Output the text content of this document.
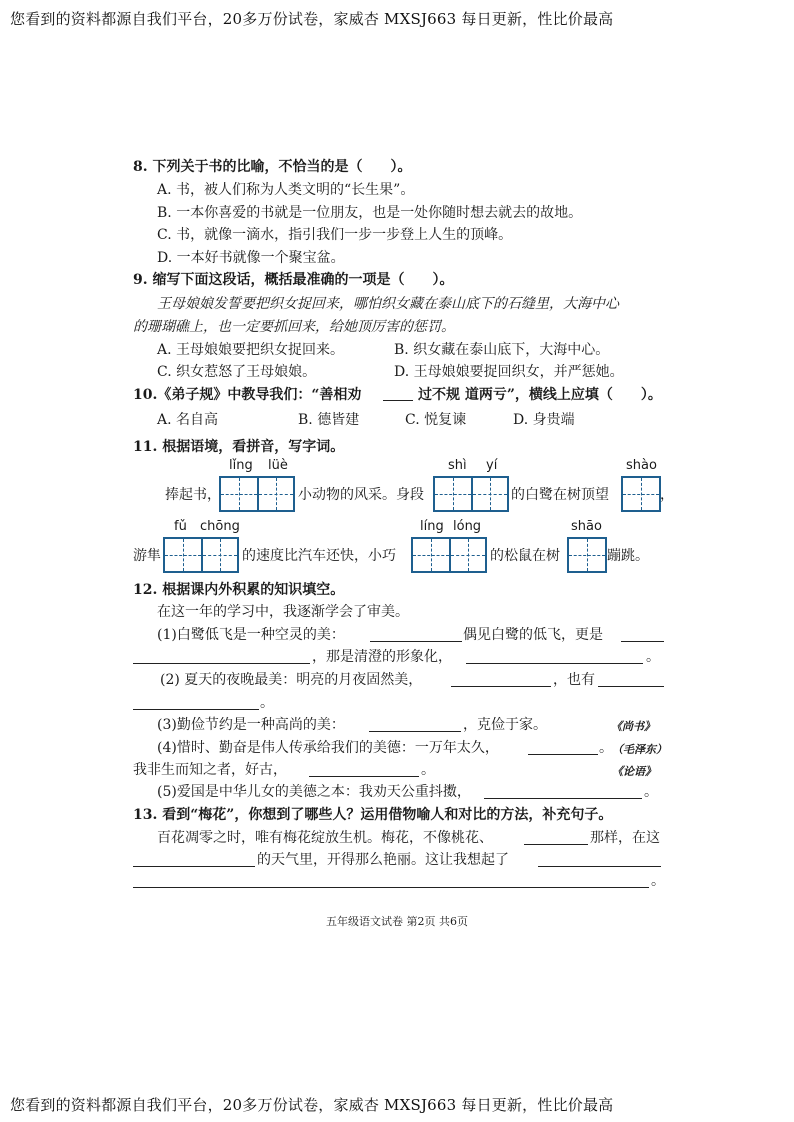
您看到的资料都源自我们平台，20多万份试卷，家威杏 MXSJ663 每日更新，性比价最高
8. 下列关于书的比喻，不恰当的是（　　）。
A. 书，被人们称为人类文明的“长生果”。
B. 一本你喜爱的书就是一位朋友，也是一处你随时想去就去的故地。
C. 书，就像一滴水，指引我们一步一步登上人生的顶峰。
D. 一本好书就像一个聚宝盆。
9. 缩写下面这段话，概括最准确的一项是（　　）。
王母娘娘发誓要把织女捉回来，哪怕织女藏在泰山底下的石缝里，大海中心
的珊瑚礁上，也一定要抓回来，给她顶厉害的惩罚。
A. 王母娘娘要把织女捉回来。	B. 织女藏在泰山底下，大海中心。
C. 织女惹怒了王母娘娘。	D. 王母娘娘要捉回织女，并严惩她。
10.《弟子规》中教导我们：“善相劝	过不规 道两亏”，横线上应填（　　）。
A. 名自高	B. 德皆建	C. 悦复谏	D. 身贵端
11. 根据语境，看拼音，写字词。
lǐng lüè	shì yí	shào
捧起书，	小动物的风采。身段	的白鹭在树顶望	，
fǔ chōng	líng lóng	shāo
游隼	的速度比汽车还快，小巧	的松鼠在树	蹦跳。
12. 根据课内外积累的知识填空。
在这一年的学习中，我逐渐学会了审美。
(1)白鹭低飞是一种空灵的美：	偶见白鹭的低飞，更是
，那是清澄的形象化，	。
(2) 夏天的夜晚最美：明亮的月夜固然美，	，也有
。
(3)勤俭节约是一种高尚的美：	，克俭于家。	《尚书》
(4)惜时、勤奋是伟人传承给我们的美德：一万年太久，	。 （毛泽东）
我非生而知之者，好古，	。	《论语》
(5)爱国是中华儿女的美德之本：我劝天公重抖擞，	。
13. 看到“梅花”，你想到了哪些人？运用借物喻人和对比的方法，补充句子。
百花凋零之时，唯有梅花绽放生机。梅花，不像桃花、	那样，在这
的天气里，开得那么艳丽。这让我想起了
。
五年级语文试卷 第2页 共6页
您看到的资料都源自我们平台，20多万份试卷，家威杏 MXSJ663 每日更新，性比价最高
